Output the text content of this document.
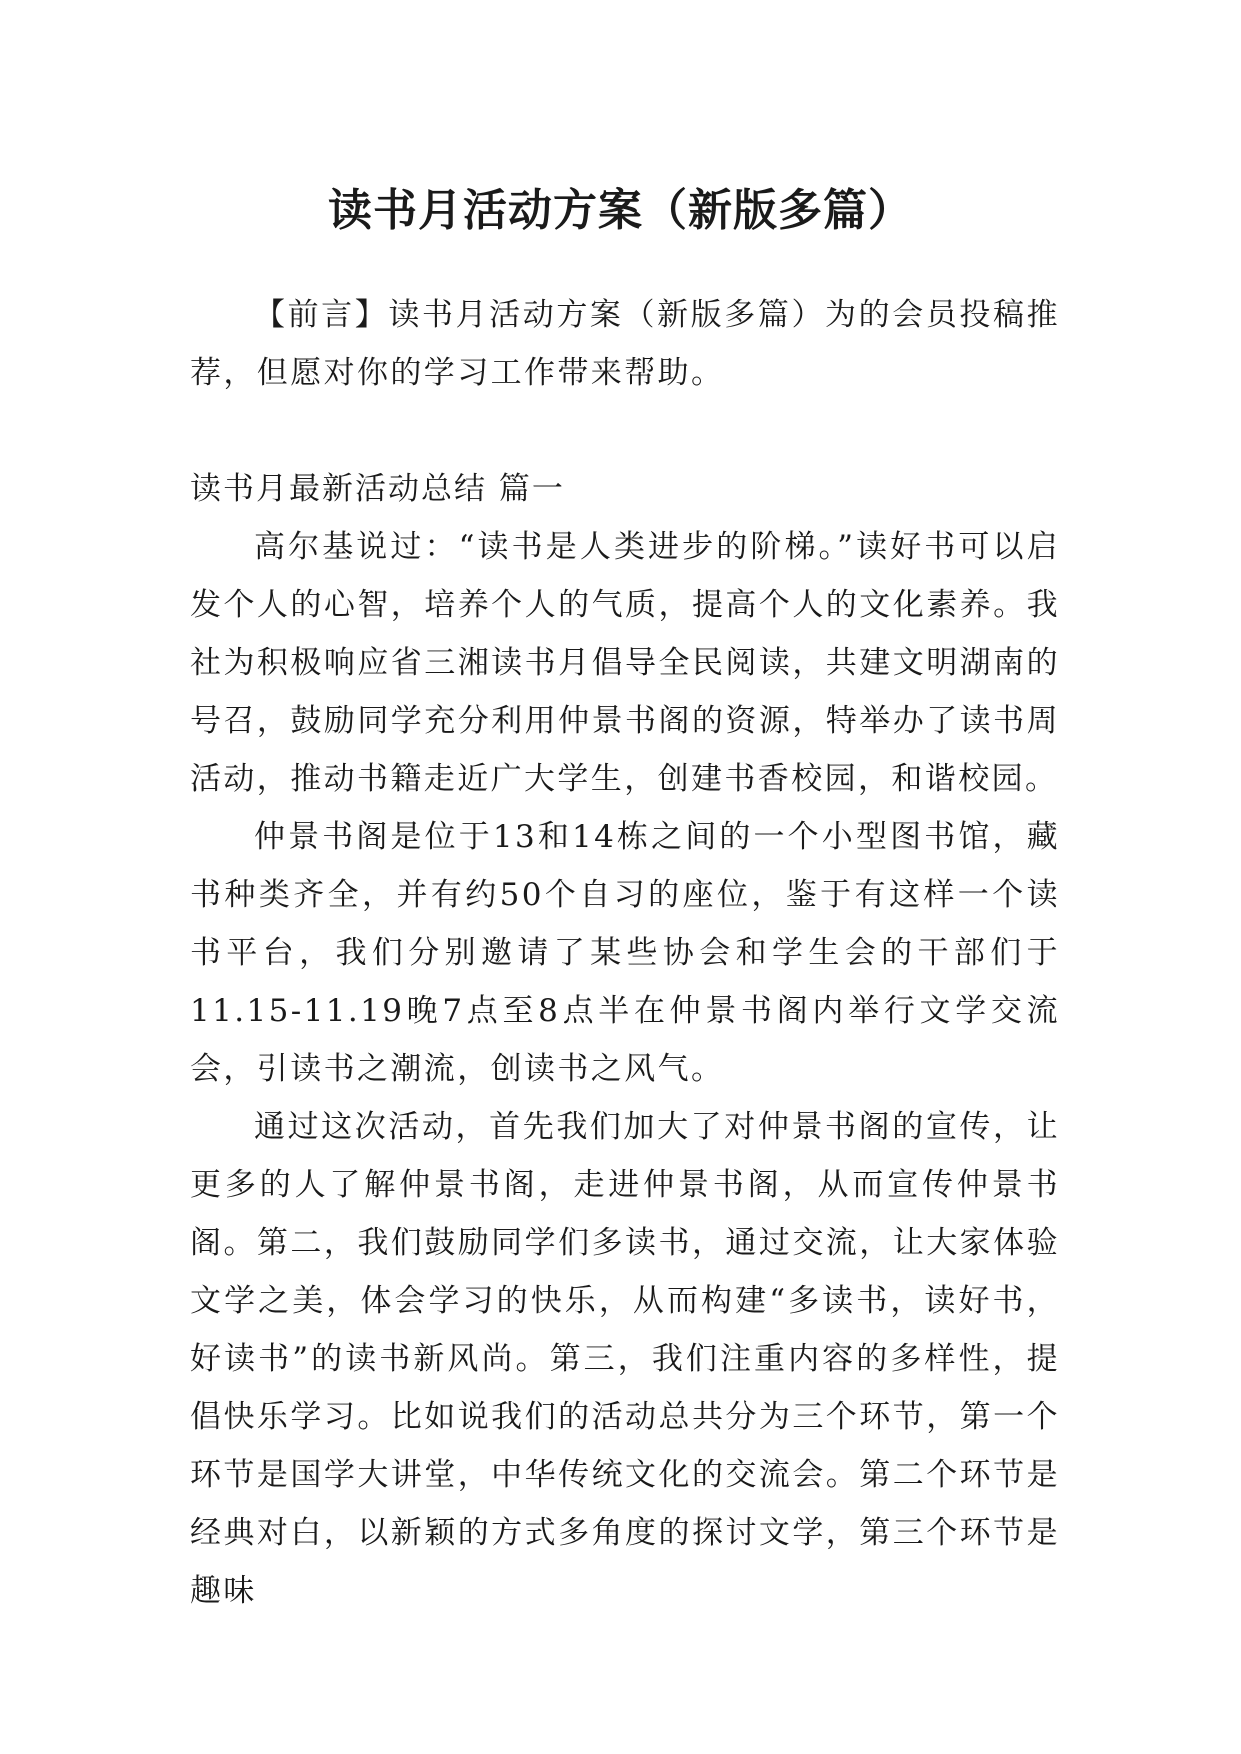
读书月活动方案（新版多篇）

【前言】读书月活动方案（新版多篇）为的会员投稿推荐，但愿对你的学习工作带来帮助。

读书月最新活动总结 篇一

高尔基说过：“读书是人类进步的阶梯。”读好书可以启发个人的心智，培养个人的气质，提高个人的文化素养。我社为积极响应省三湘读书月倡导全民阅读，共建文明湖南的号召，鼓励同学充分利用仲景书阁的资源，特举办了读书周活动，推动书籍走近广大学生，创建书香校园，和谐校园。

仲景书阁是位于13和14栋之间的一个小型图书馆，藏书种类齐全，并有约50个自习的座位，鉴于有这样一个读书平台，我们分别邀请了某些协会和学生会的干部们于11.15-11.19晚7点至8点半在仲景书阁内举行文学交流会，引读书之潮流，创读书之风气。

通过这次活动，首先我们加大了对仲景书阁的宣传，让更多的人了解仲景书阁，走进仲景书阁，从而宣传仲景书阁。第二，我们鼓励同学们多读书，通过交流，让大家体验文学之美，体会学习的快乐，从而构建“多读书，读好书，好读书”的读书新风尚。第三，我们注重内容的多样性，提倡快乐学习。比如说我们的活动总共分为三个环节，第一个环节是国学大讲堂，中华传统文化的交流会。第二个环节是经典对白，以新颖的方式多角度的探讨文学，第三个环节是趣味
